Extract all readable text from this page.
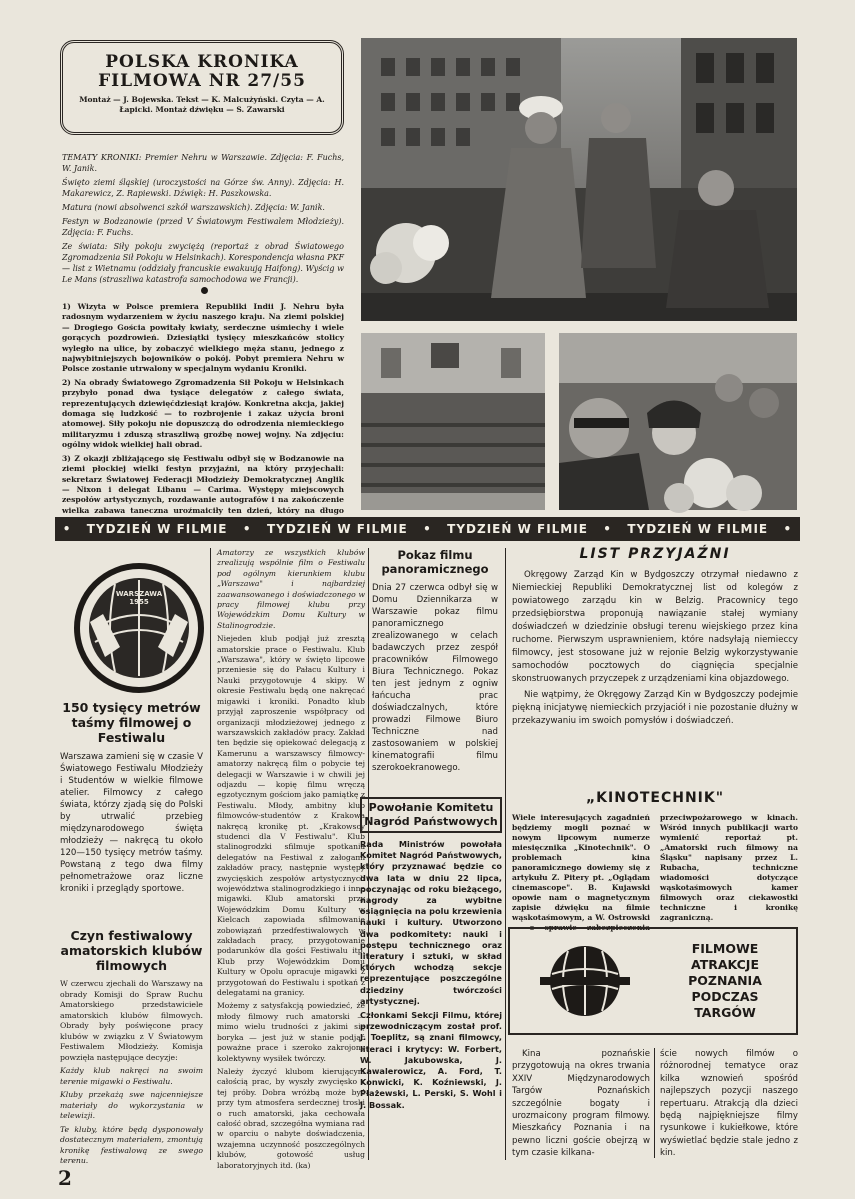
POLSKA KRONIKA
FILMOWA NR 27/55
Montaż — J. Bojewska. Tekst — K. Malcużyński. Czyta — A. Łapicki. Montaż dźwięku — S. Zawarski

TEMATY KRONIKI: Premier Nehru w Warszawie. Zdjęcia: F. Fuchs, W. Janik.

Święto ziemi śląskiej (uroczystości na Górze św. Anny). Zdjęcia: H. Makarewicz, Z. Rapiewski. Dźwięk: H. Paszkowska.

Matura (nowi absolwenci szkół warszawskich). Zdjęcia: W. Janik.

Festyn w Bodzanowie (przed V Światowym Festiwalem Młodzieży). Zdjęcia: F. Fuchs.

Ze świata: Siły pokoju zwyciężą (reportaż z obrad Światowego Zgromadzenia Sił Pokoju w Helsinkach). Korespondencja własna PKF — list z Wietnamu (oddziały francuskie ewakuują Haifong). Wyścig w Le Mans (straszliwa katastrofa samochodowa we Francji).

1) Wizyta w Polsce premiera Republiki Indii J. Nehru była radosnym wydarzeniem w życiu naszego kraju. Na ziemi polskiej — Drogiego Gościa powitały kwiaty, serdeczne uśmiechy i wiele gorących pozdrowień. Dziesiątki tysięcy mieszkańców stolicy wyległo na ulice, by zobaczyć wielkiego męża stanu, jednego z najwybitniejszych bojowników o pokój. Pobyt premiera Nehru w Polsce zostanie utrwalony w specjalnym wydaniu Kroniki.

2) Na obrady Światowego Zgromadzenia Sił Pokoju w Helsinkach przybyło ponad dwa tysiące delegatów z całego świata, reprezentujących dziewięćdziesiąt krajów. Konkretna akcja, jakiej domaga się ludzkość — to rozbrojenie i zakaz użycia broni atomowej. Siły pokoju nie dopuszczą do odrodzenia niemieckiego militaryzmu i zduszą straszliwą groźbę nowej wojny. Na zdjęciu: ogólny widok wielkiej hali obrad.

3) Z okazji zbliżającego się Festiwalu odbył się w Bodzanowie na ziemi płockiej wielki festyn przyjaźni, na który przyjechali: sekretarz Światowej Federacji Młodzieży Demokratycznej Anglik — Nixon i delegat Libanu — Carima. Występy miejscowych zespołów artystycznych, rozdawanie autografów i na zakończenie wielka zabawa taneczna uroźmaiciły ten dzień, który na długo

• TYDZIEŃ W FILMIE • TYDZIEŃ W FILMIE • TYDZIEŃ W FILMIE • TYDZIEŃ W FILMIE •
WARSZAWA 1955
150 tysięcy metrów taśmy filmowej o Festiwalu

Warszawa zamieni się w czasie V Światowego Festiwalu Młodzieży i Studentów w wielkie filmowe atelier. Filmowcy z całego świata, którzy zjadą się do Polski by utrwalić przebieg międzynarodowego święta młodzieży — nakręcą tu około 120—150 tysięcy metrów taśmy. Powstaną z tego dwa filmy pełnometrażowe oraz liczne kroniki i przeglądy sportowe.

Czyn festiwalowy amatorskich klubów filmowych

W czerwcu zjechali do Warszawy na obrady Komisji do Spraw Ruchu Amatorskiego przedstawiciele amatorskich klubów filmowych. Obrady były poświęcone pracy klubów w związku z V Światowym Festiwalem Młodzieży. Komisja powzięła następujące decyzje:

Każdy klub nakręci na swoim terenie migawki o Festiwalu.

Kluby przekażą swe najcenniejsze materiały do wykorzystania w telewizji.

Te kluby, które będą dysponowały dostatecznym materiałem, zmontują kronikę festiwalową ze swego terenu.

Amatorzy ze wszystkich klubów zrealizują wspólnie film o Festiwalu pod ogólnym kierunkiem klubu „Warszawa" i najbardziej zaawansowanego i doświadczonego w pracy filmowej klubu przy Wojewódzkim Domu Kultury w Stalinogrodzie.

Niejeden klub podjął już zresztą amatorskie prace o Festiwalu. Klub „Warszawa", który w święto lipcowe przeniesie się do Pałacu Kultury i Nauki przygotowuje 4 skipy. W okresie Festiwalu będą one nakręcać migawki i kroniki. Ponadto klub przyjął zaproszenie współpracy od organizacji młodzieżowej jednego z warszawskich zakładów pracy. Zakład ten będzie się opiekować delegacją z Kamerunu a warszawscy filmowcy-amatorzy nakręcą film o pobycie tej delegacji w Warszawie i w chwili jej odjazdu — kopię filmu wręczą egzotycznym gościom jako pamiątkę z Festiwalu. Młody, ambitny klub filmowców-studentów z Krakowa nakręcą kronikę pt. „Krakowscy studenci dla V Festiwalu". Klub stalinogrodzki sfilmuje spotkania delegatów na Festiwal z załogami zakładów pracy, następnie występy zwycięskich zespołów artystycznych województwa stalinogrodzkiego i inne migawki. Klub amatorski przy Wojewódzkim Domu Kultury w Kielcach zapowiada sfilmowanie zobowiązań przedfestiwalowych w zakładach pracy, przygotowanie podarunków dla gości Festiwalu itp. Klub przy Wojewódzkim Domu Kultury w Opolu opracuje migawki z przygotowań do Festiwalu i spotkań z delegatami na granicy.

Możemy z satysfakcją powiedzieć, że młody filmowy ruch amatorski — mimo wielu trudności z jakimi się boryka — jest już w stanie podjąć poważne prace i szeroko zakrojony kolektywny wysiłek twórczy.

Należy życzyć klubom kierującym całością prac, by wyszły zwycięsko z tej próby. Dobra wróżbą może być przy tym atmosfera serdecznej troski o ruch amatorski, jaka cechowała całość obrad, szczegółna wymiana rad w oparciu o nabyte doświadczenia, wzajemna uczynność poszczególnych klubów, gotowość usług laboratoryjnych itd. (ka)

Pokaz filmu panoramicznego

Dnia 27 czerwca odbył się w Domu Dziennikarza w Warszawie pokaz filmu panoramicznego zrealizowanego w celach badawczych przez zespół pracowników Filmowego Biura Technicznego. Pokaz ten jest jednym z ogniw łańcucha prac doświadczalnych, które prowadzi Filmowe Biuro Techniczne nad zastosowaniem w polskiej kinematografii filmu szerokoekranowego.

Powołanie Komitetu Nagród Państwowych

Rada Ministrów powołała Komitet Nagród Państwowych, który przyznawać będzie co dwa lata w dniu 22 lipca, poczynając od roku bieżącego, nagrody za wybitne osiągnięcia na polu krzewienia nauki i kultury. Utworzono dwa podkomitety: nauki i postępu technicznego oraz literatury i sztuki, w skład których wchodzą sekcje reprezentujące poszczególne dziedziny twórczości artystycznej.

Członkami Sekcji Filmu, której przewodniczącym został prof. J. Toeplitz, są znani filmowcy, literaci i krytycy: W. Forbert, W. Jakubowska, J. Kawalerowicz, A. Ford, T. Konwicki, K. Koźniewski, J. Płażewski, L. Perski, S. Wohl i J. Bossak.

LIST PRZYJAŹNI

Okręgowy Zarząd Kin w Bydgoszczy otrzymał niedawno z Niemieckiej Republiki Demokratycznej list od kolegów z powiatowego zarządu kin w Belzig. Pracownicy tego przedsiębiorstwa proponują nawiązanie stałej wymiany doświadczeń w dziedzinie obsługi terenu wiejskiego przez kina ruchome. Pierwszym usprawnieniem, które nadsyłają niemieccy filmowcy, jest stosowane już w rejonie Belzig wykorzystywanie samochodów pocztowych do ciągnięcia specjalnie skonstruowanych przyczepek z urządzeniami kina objazdowego.

Nie wątpimy, że Okręgowy Zarząd Kin w Bydgoszczy podejmie piękną inicjatywę niemieckich przyjaciół i nie pozostanie dłużny w przekazywaniu im swoich pomysłów i doświadczeń.

„KINOTECHNIK"

Wiele interesujących zagadnień będziemy mogli poznać w nowym lipcowym numerze miesięcznika „Kinotechnik". O problemach kina panoramicznego dowiemy się z artykułu Z. Pitery pt. „Oglądam cinemascope". B. Kujawski opowie nam o magnetycznym zapisie dźwięku na filmie wąskotaśmowym, a W. Ostrowski — o sprawie zabezpieczenia przeciwpożarowego w kinach. Wśród innych publikacji warto wymienić reportaż pt. „Amatorski ruch filmowy na Śląsku" napisany przez L. Rubacha, techniczne wiadomości dotyczące wąskotaśmowych kamer filmowych oraz ciekawostki techniczne i kronikę zagraniczną.

FILMOWE
ATRAKCJE
POZNANIA
PODCZAS
TARGÓW

Kina poznańskie przygotowują na okres trwania XXIV Międzynarodowych Targów Poznańskich szczególnie bogaty i urozmaicony program filmowy. Mieszkańcy Poznania i na pewno liczni goście obejrzą w tym czasie kilkana-

ście nowych filmów o różnorodnej tematyce oraz kilka wznowień spośród najlepszych pozycji naszego repertuaru. Atrakcją dla dzieci będą najpiękniejsze filmy rysunkowe i kukiełkowe, które wyświetlać będzie stale jedno z kin.

2
